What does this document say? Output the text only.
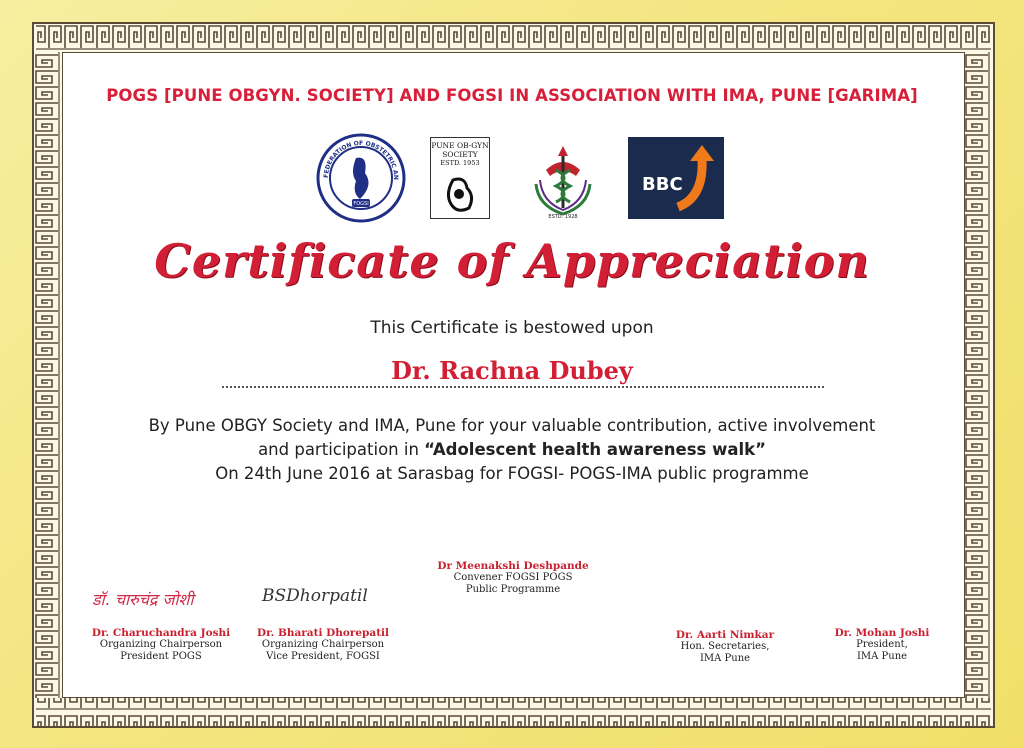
POGS [PUNE OBGYN. SOCIETY] AND FOGSI IN ASSOCIATION WITH IMA, PUNE [GARIMA]
FEDERATION OF OBSTETRIC AN
FOGSI
PUNE OB-GYN
SOCIETY
ESTD. 1953
ESTD. 1928
BBC
Certificate of Appreciation
This Certificate is bestowed upon
Dr. Rachna Dubey
By Pune OBGY Society and IMA, Pune for your valuable contribution, active involvement
and participation in “Adolescent health awareness walk”
On 24th June 2016 at Sarasbag for FOGSI- POGS-IMA public programme
डॉ. चारुचंद्र जोशी	BSDhorpatil
Dr. Charuchandra Joshi
Organizing Chairperson
President POGS
Dr. Bharati Dhorepatil
Organizing Chairperson
Vice President, FOGSI
Dr Meenakshi Deshpande
Convener FOGSI POGS
Public Programme
Dr. Aarti Nimkar
Hon. Secretaries,
IMA Pune
Dr. Mohan Joshi
President,
IMA Pune
